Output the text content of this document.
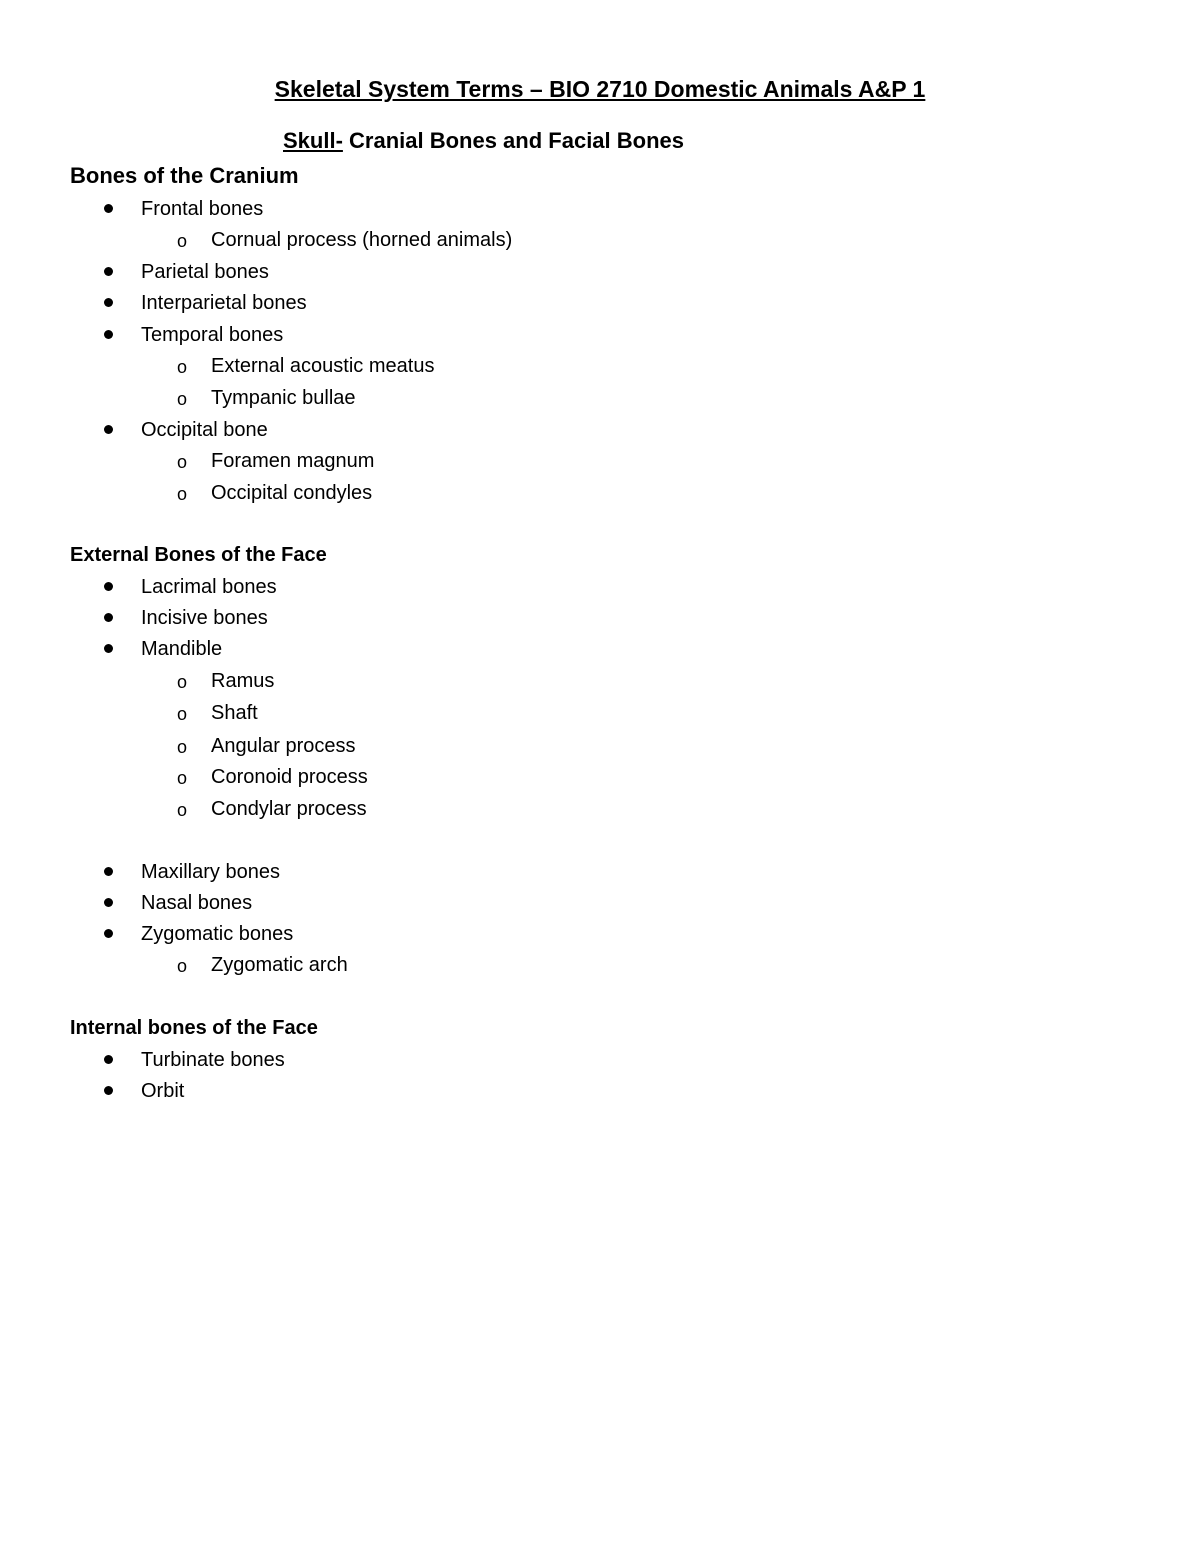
Skeletal System Terms – BIO 2710 Domestic Animals A&P 1
Skull- Cranial Bones and Facial Bones
Bones of the Cranium
Frontal bones
o Cornual process (horned animals)
Parietal bones
Interparietal bones
Temporal bones
o External acoustic meatus
o Tympanic bullae
Occipital bone
o Foramen magnum
o Occipital condyles
External Bones of the Face
Lacrimal bones
Incisive bones
Mandible
o Ramus
o Shaft
o Angular process
o Coronoid process
o Condylar process
Maxillary bones
Nasal bones
Zygomatic bones
o Zygomatic arch
Internal bones of the Face
Turbinate bones
Orbit
